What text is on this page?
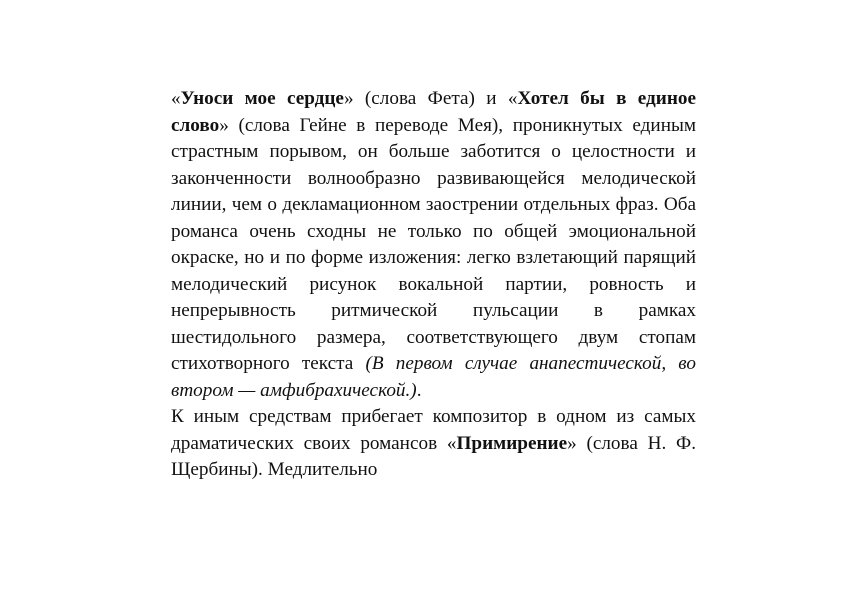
«Уноси мое сердце» (слова Фета) и «Хотел бы в единое слово» (слова Гейне в переводе Мея), проникнутых единым страстным порывом, он больше заботится о целостности и законченности волнообразно развивающейся мелодической линии, чем о декламационном заострении отдельных фраз. Оба романса очень сходны не только по общей эмоциональной окраске, но и по форме изложения: легко взлетающий парящий мелодический рисунок вокальной партии, ровность и непрерывность ритмической пульсации в рамках шестидольного размера, соответствующего двум стопам стихотворного текста (В первом случае анапестической, во втором — амфибрахической.).

К иным средствам прибегает композитор в одном из самых драматических своих романсов «Примирение» (слова Н. Ф. Щербины). Медлительно
